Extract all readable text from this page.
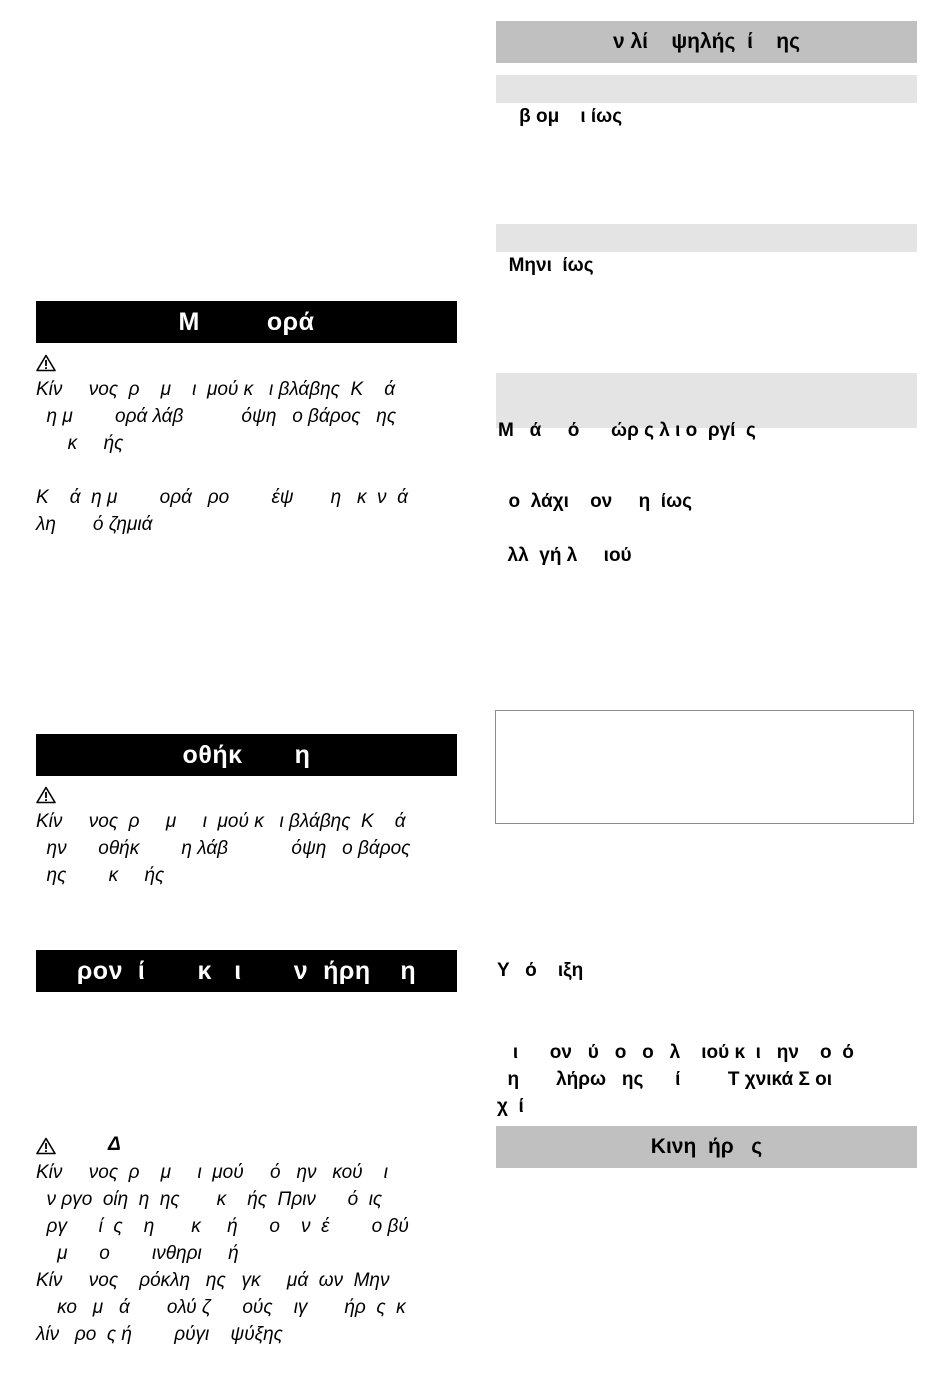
ν λί    ψηλής  ί    ης

β ομ    ι ίως

Μηνι  ίως

Μ   ά     ό      ώρ ς λ ι ο  ργί  ς

ο  λάχι    ον     η  ίως

λλ  γή λ     ιού
Y   ό    ιξη
ι      ον   ύ   ο   ο   λ    ιού κ  ι   ην    ο  ό
η       λήρω   ης      ί         Τ χνικά Σ οι
χ  ί
Κινη  ήρ   ς
Μ         ορά
Κίν     νος  ρ    μ    ι  μού κ   ι βλάβης  Κ    ά
η μ        ορά λάβ           όψη   ο βάρος   ης
κ     ής
Κ    ά  η μ        ορά   ρο        έψ       η   κ  ν  ά
λη       ό ζημιά
οθήκ       η
Κίν     νος  ρ     μ     ι  μού κ   ι βλάβης  Κ    ά
ην      οθήκ        η λάβ            όψη   ο βάρος
ης        κ     ής
ρον  ί       κ   ι       ν  ήρη    η
Δ
Κίν     νος  ρ    μ     ι  μού     ό   ην   κού    ι
ν ργο  οίη  η  ης       κ    ής  Πριν      ό  ις
ργ      ί  ς    η       κ     ή      ο    ν  έ        ο βύ
μ      ο        ινθηρι     ή
Κίν     νος    ρόκλη   ης   γκ     μά  ων  Μην
κο   μ   ά       ολύ ζ      ούς    ιγ       ήρ  ς  κ
λίν   ρο  ς ή        ρύγι    ψύξης
